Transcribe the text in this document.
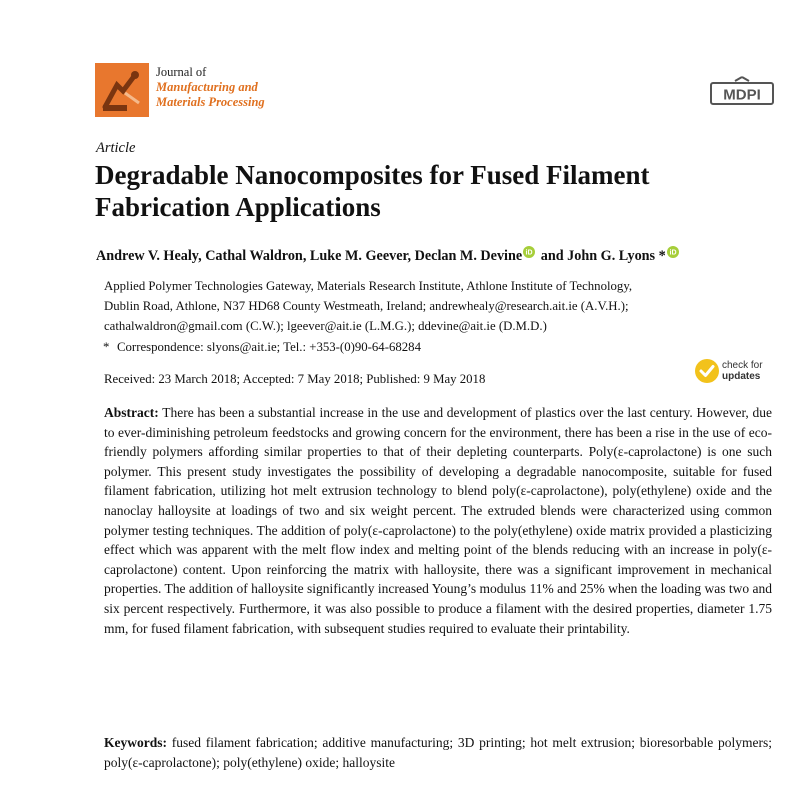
Journal of
Manufacturing and
Materials Processing	MDPI
Article
Degradable Nanocomposites for Fused Filament Fabrication Applications
Andrew V. Healy, Cathal Waldron, Luke M. Geever, Declan M. Devine iD and John G. Lyons * iD
Applied Polymer Technologies Gateway, Materials Research Institute, Athlone Institute of Technology,
Dublin Road, Athlone, N37 HD68 County Westmeath, Ireland; andrewhealy@research.ait.ie (A.V.H.);
cathalwaldron@gmail.com (C.W.); lgeever@ait.ie (L.M.G.); ddevine@ait.ie (D.M.D.)
* Correspondence: slyons@ait.ie; Tel.: +353-(0)90-64-68284
check for
updates
Received: 23 March 2018; Accepted: 7 May 2018; Published: 9 May 2018

Abstract: There has been a substantial increase in the use and development of plastics over the last century. However, due to ever-diminishing petroleum feedstocks and growing concern for the environment, there has been a rise in the use of eco-friendly polymers affording similar properties to that of their depleting counterparts. Poly(ε-caprolactone) is one such polymer. This present study investigates the possibility of developing a degradable nanocomposite, suitable for fused filament fabrication, utilizing hot melt extrusion technology to blend poly(ε-caprolactone), poly(ethylene) oxide and the nanoclay halloysite at loadings of two and six weight percent. The extruded blends were characterized using common polymer testing techniques. The addition of poly(ε-caprolactone) to the poly(ethylene) oxide matrix provided a plasticizing effect which was apparent with the melt flow index and melting point of the blends reducing with an increase in poly(ε-caprolactone) content. Upon reinforcing the matrix with halloysite, there was a significant improvement in mechanical properties. The addition of halloysite significantly increased Young’s modulus 11% and 25% when the loading was two and six percent respectively. Furthermore, it was also possible to produce a filament with the desired properties, diameter 1.75 mm, for fused filament fabrication, with subsequent studies required to evaluate their printability.

Keywords: fused filament fabrication; additive manufacturing; 3D printing; hot melt extrusion; bioresorbable polymers; poly(ε-caprolactone); poly(ethylene) oxide; halloysite
